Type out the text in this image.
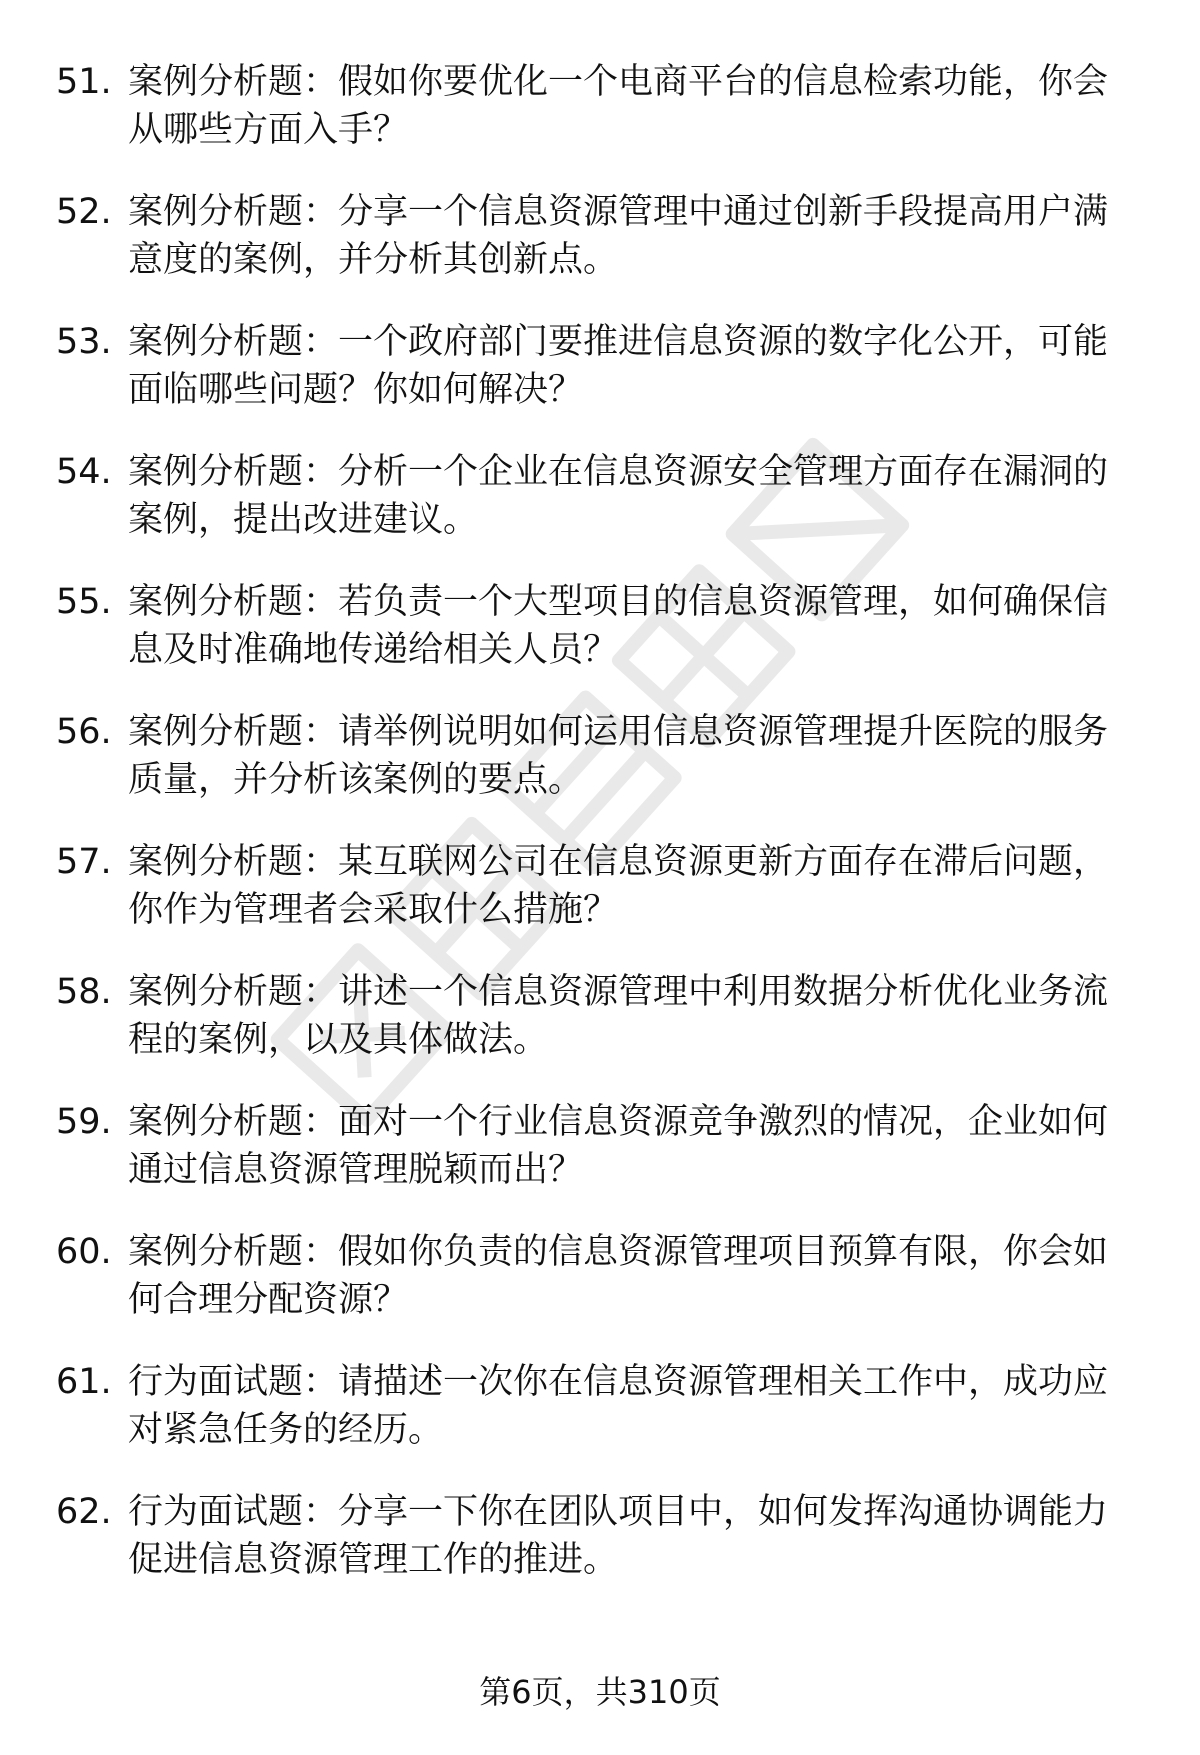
51. 案例分析题：假如你要优化一个电商平台的信息检索功能，你会从哪些方面入手？
52. 案例分析题：分享一个信息资源管理中通过创新手段提高用户满意度的案例，并分析其创新点。
53. 案例分析题：一个政府部门要推进信息资源的数字化公开，可能面临哪些问题？你如何解决？
54. 案例分析题：分析一个企业在信息资源安全管理方面存在漏洞的案例，提出改进建议。
55. 案例分析题：若负责一个大型项目的信息资源管理，如何确保信息及时准确地传递给相关人员？
56. 案例分析题：请举例说明如何运用信息资源管理提升医院的服务质量，并分析该案例的要点。
57. 案例分析题：某互联网公司在信息资源更新方面存在滞后问题，你作为管理者会采取什么措施？
58. 案例分析题：讲述一个信息资源管理中利用数据分析优化业务流程的案例，以及具体做法。
59. 案例分析题：面对一个行业信息资源竞争激烈的情况，企业如何通过信息资源管理脱颖而出？
60. 案例分析题：假如你负责的信息资源管理项目预算有限，你会如何合理分配资源？
61. 行为面试题：请描述一次你在信息资源管理相关工作中，成功应对紧急任务的经历。
62. 行为面试题：分享一下你在团队项目中，如何发挥沟通协调能力促进信息资源管理工作的推进。
第6页，共310页
